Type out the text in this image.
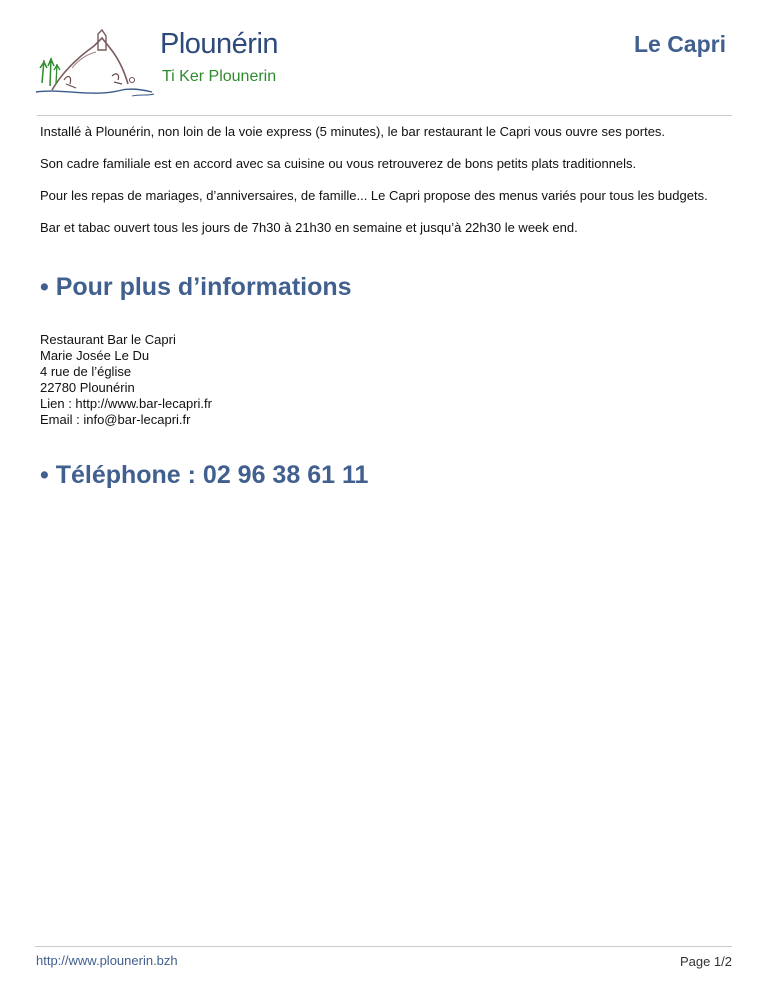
Plounérin
Ti Ker Plounerin
Le Capri

Installé à Plounérin, non loin de la voie express (5 minutes), le bar restaurant le Capri vous ouvre ses portes.

Son cadre familiale est en accord avec sa cuisine ou vous retrouverez de bons petits plats traditionnels.

Pour les repas de mariages, d’anniversaires, de famille... Le Capri propose des menus variés pour tous les budgets.

Bar et tabac ouvert tous les jours de 7h30 à 21h30 en semaine et jusqu’à 22h30 le week end.

• Pour plus d’informations
Restaurant Bar le Capri
Marie Josée Le Du
4 rue de l’église
22780 Plounérin
Lien : http://www.bar-lecapri.fr
Email : info@bar-lecapri.fr
• Téléphone : 02 96 38 61 11
http://www.plounerin.bzh	Page 1/2
